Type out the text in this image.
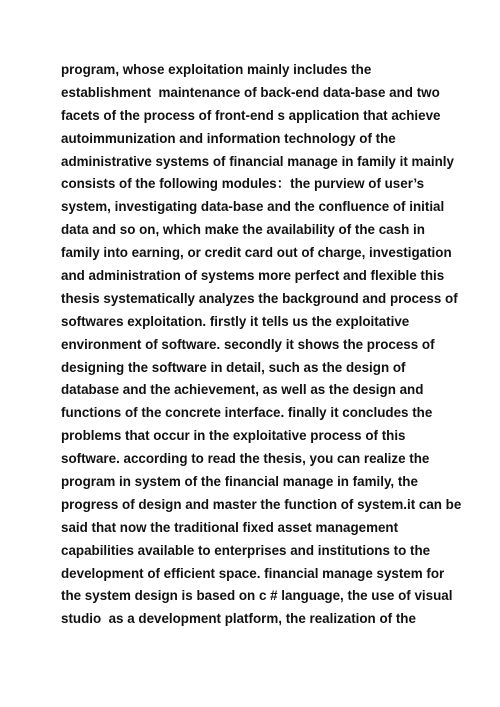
program, whose exploitation mainly includes the
establishment  maintenance of back-end data-base and two
facets of the process of front-end s application that achieve
autoimmunization and information technology of the
administrative systems of financial manage in family it mainly
consists of the following modules：the purview of user’s
system, investigating data-base and the confluence of initial
data and so on, which make the availability of the cash in
family into earning, or credit card out of charge, investigation
and administration of systems more perfect and flexible this
thesis systematically analyzes the background and process of
softwares exploitation. firstly it tells us the exploitative
environment of software. secondly it shows the process of
designing the software in detail, such as the design of
database and the achievement, as well as the design and
functions of the concrete interface. finally it concludes the
problems that occur in the exploitative process of this
software. according to read the thesis, you can realize the
program in system of the financial manage in family, the
progress of design and master the function of system.it can be
said that now the traditional fixed asset management
capabilities available to enterprises and institutions to the
development of efficient space. financial manage system for
the system design is based on c # language, the use of visual
studio  as a development platform, the realization of the
